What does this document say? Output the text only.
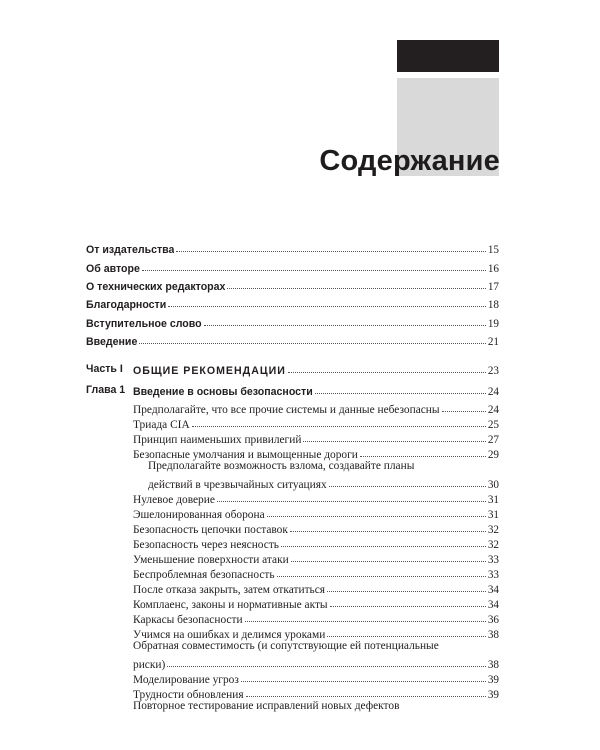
Содержание
От издательства	15
Об авторе	16
О технических редакторах	17
Благодарности	18
Вступительное слово	19
Введение	21
Часть I ОБЩИЕ РЕКОМЕНДАЦИИ	23
Глава 1 Введение в основы безопасности	24
Предполагайте, что все прочие системы и данные небезопасны	24
Триада CIA	25
Принцип наименьших привилегий	27
Безопасные умолчания и вымощенные дороги	29
Предполагайте возможность взлома, создавайте планы
действий в чрезвычайных ситуациях	30
Нулевое доверие	31
Эшелонированная оборона	31
Безопасность цепочки поставок	32
Безопасность через неясность	32
Уменьшение поверхности атаки	33
Беспроблемная безопасность	33
После отказа закрыть, затем откатиться	34
Комплаенс, законы и нормативные акты	34
Каркасы безопасности	36
Учимся на ошибках и делимся уроками	38
Обратная совместимость (и сопутствующие ей потенциальные
риски)	38
Моделирование угроз	39
Трудности обновления	39
Повторное тестирование исправлений новых дефектов
